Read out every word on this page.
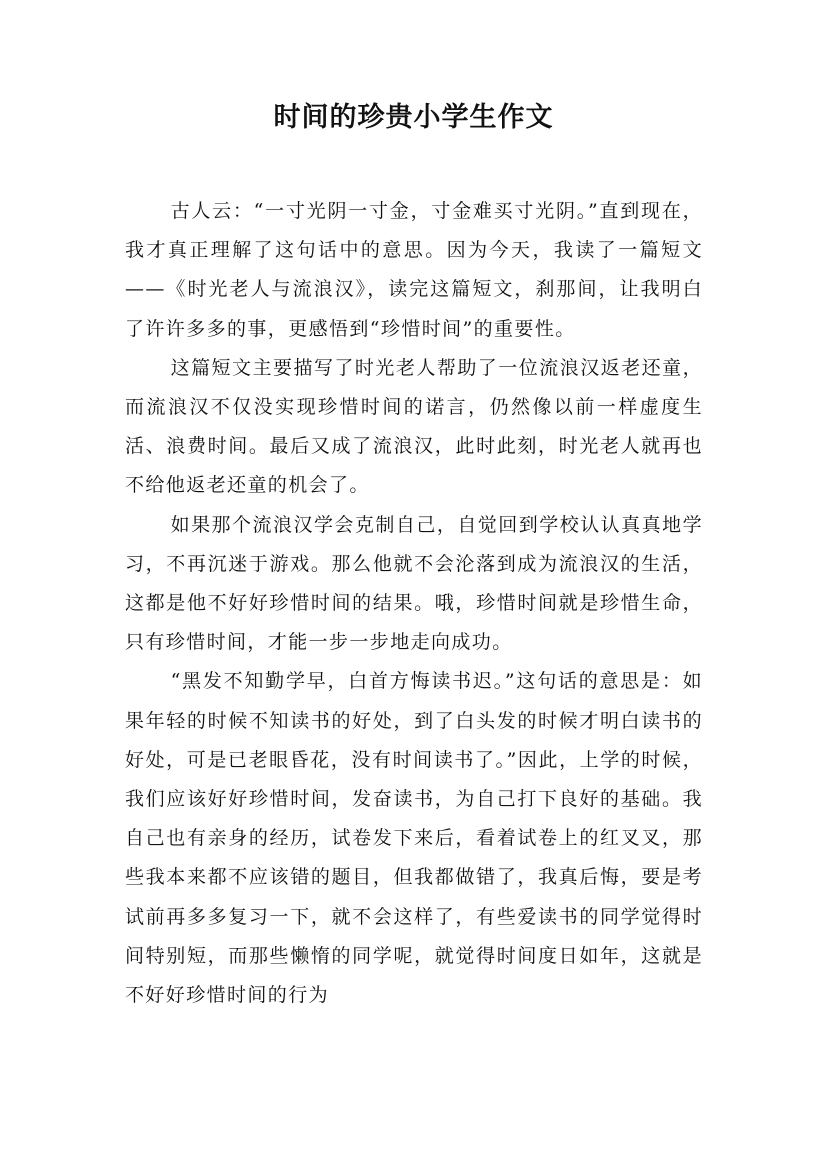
时间的珍贵小学生作文

古人云：“一寸光阴一寸金，寸金难买寸光阴。”直到现在，我才真正理解了这句话中的意思。因为今天，我读了一篇短文——《时光老人与流浪汉》，读完这篇短文，刹那间，让我明白了许许多多的事，更感悟到“珍惜时间”的重要性。

这篇短文主要描写了时光老人帮助了一位流浪汉返老还童，而流浪汉不仅没实现珍惜时间的诺言，仍然像以前一样虚度生活、浪费时间。最后又成了流浪汉，此时此刻，时光老人就再也不给他返老还童的机会了。

如果那个流浪汉学会克制自己，自觉回到学校认认真真地学习，不再沉迷于游戏。那么他就不会沦落到成为流浪汉的生活，这都是他不好好珍惜时间的结果。哦，珍惜时间就是珍惜生命，只有珍惜时间，才能一步一步地走向成功。

“黑发不知勤学早，白首方悔读书迟。”这句话的意思是：如果年轻的时候不知读书的好处，到了白头发的时候才明白读书的好处，可是已老眼昏花，没有时间读书了。”因此，上学的时候，我们应该好好珍惜时间，发奋读书，为自己打下良好的基础。我自己也有亲身的经历，试卷发下来后，看着试卷上的红叉叉，那些我本来都不应该错的题目，但我都做错了，我真后悔，要是考试前再多多复习一下，就不会这样了，有些爱读书的同学觉得时间特别短，而那些懒惰的同学呢，就觉得时间度日如年，这就是不好好珍惜时间的行为
